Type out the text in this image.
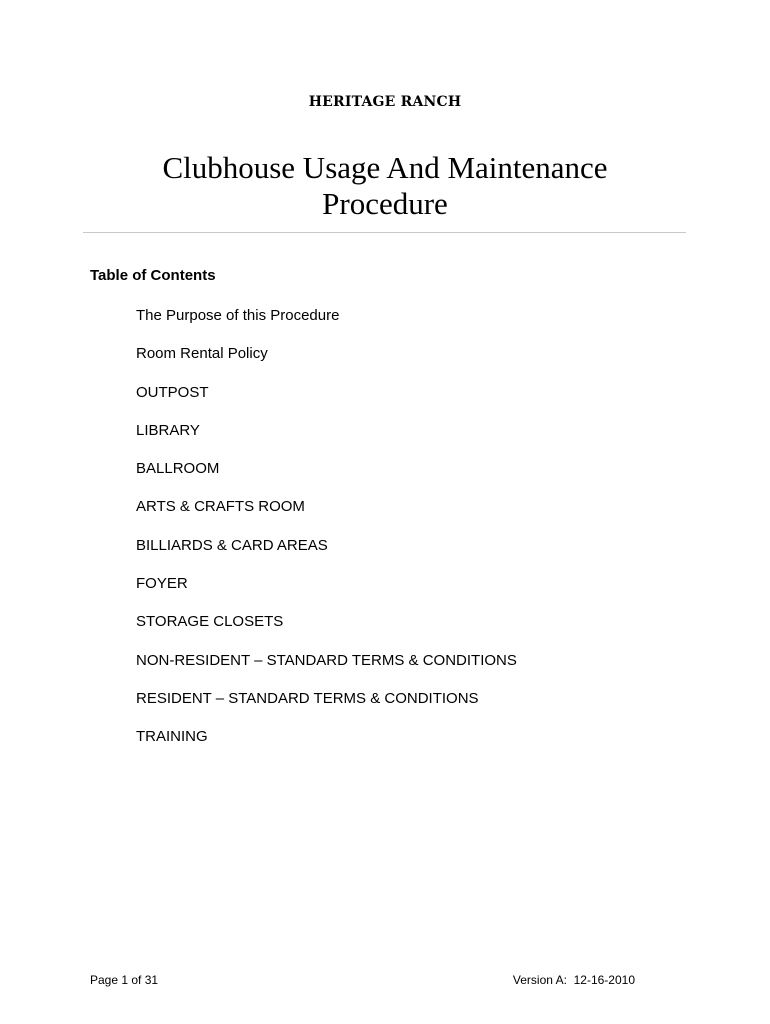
HERITAGE RANCH
Clubhouse Usage And Maintenance
Procedure
Table of Contents
The Purpose of this Procedure
Room Rental Policy
OUTPOST
LIBRARY
BALLROOM
ARTS & CRAFTS ROOM
BILLIARDS & CARD AREAS
FOYER
STORAGE CLOSETS
NON-RESIDENT – STANDARD TERMS & CONDITIONS
RESIDENT – STANDARD TERMS & CONDITIONS
TRAINING
Page 1 of 31	Version A:  12-16-2010
